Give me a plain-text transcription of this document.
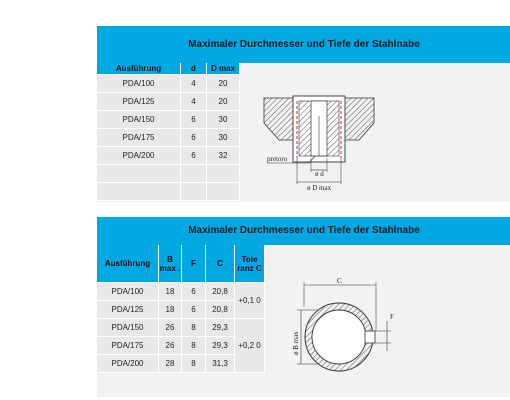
Maximaler Durchmesser und Tiefe der Stahlnabe
Ausführung	d	D max
PDA/100	4	20
PDA/125	4	20
PDA/150	6	30
PDA/175	6	30
PDA/200	6	32

			pretoro
ø d
ø D max
Maximaler Durchmesser und Tiefe der Stahlnabe
Ausführung	B max .	F	C	Tole ranz C
PDA/100	18	6	20,8	+0,1 0
PDA/125	18	6	20,8	
PDA/150	26	8	29,3	+0,2 0
PDA/175	26	8	29,3	
PDA/200	28	8	31,3	
C
F
ø B max
